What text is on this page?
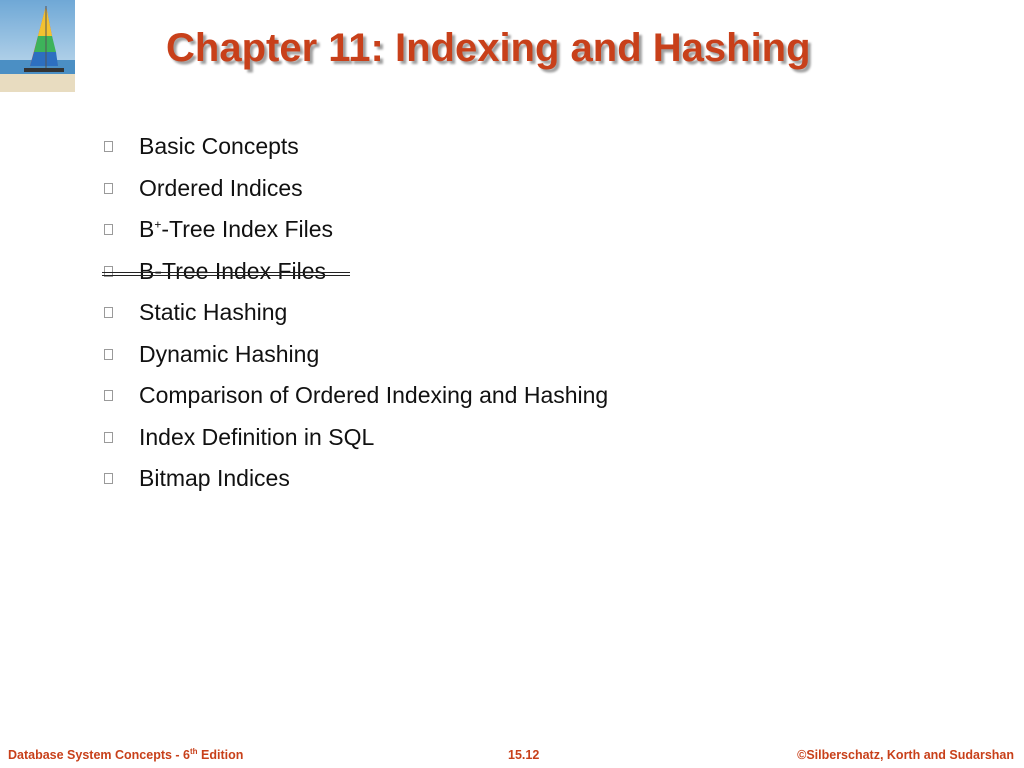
Chapter 11: Indexing and Hashing
Basic Concepts
Ordered Indices
B+-Tree Index Files
B-Tree Index Files
Static Hashing
Dynamic Hashing
Comparison of Ordered Indexing and Hashing
Index Definition in SQL
Bitmap Indices
Database System Concepts - 6th Edition	15.12	©Silberschatz, Korth and Sudarshan
